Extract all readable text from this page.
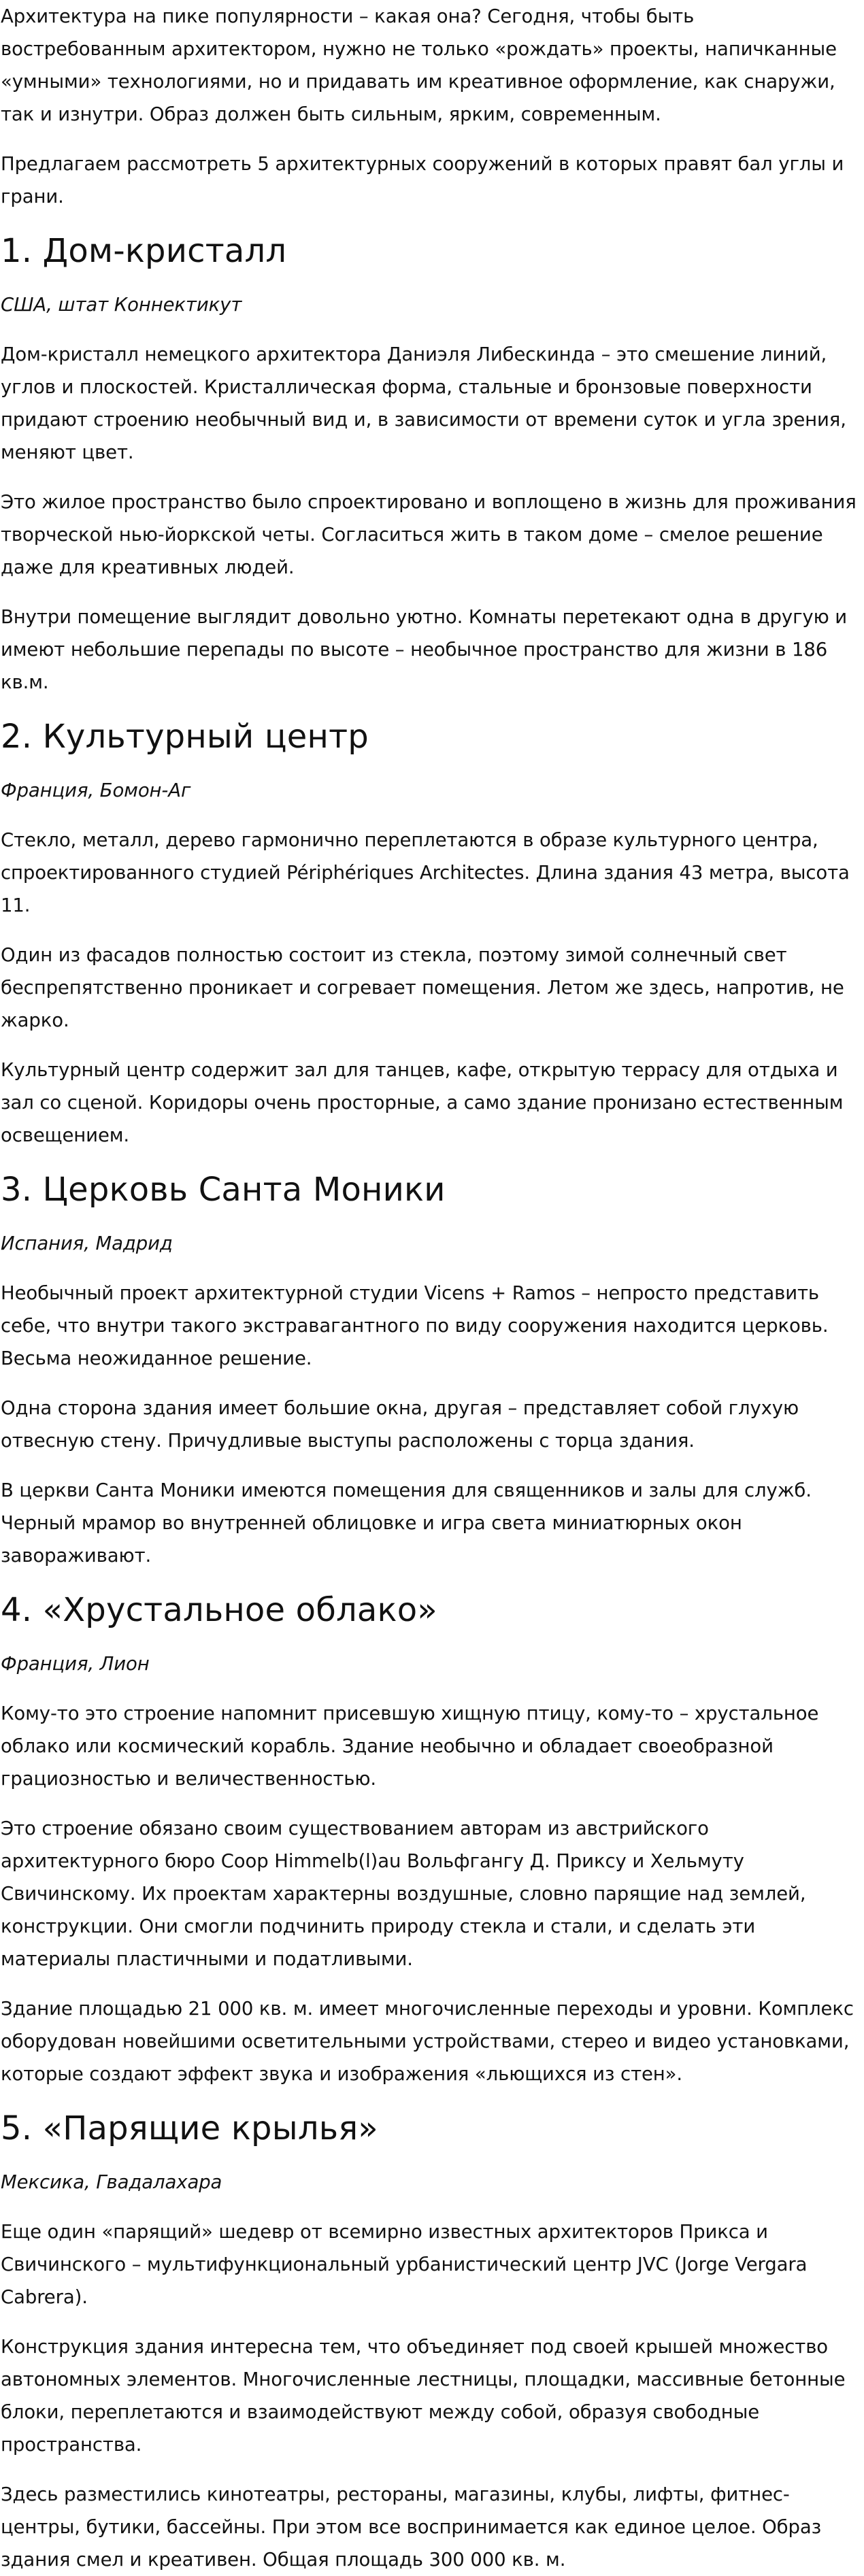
Архитектура на пике популярности – какая она? Сегодня, чтобы быть востребованным архитектором, нужно не только «рождать» проекты, напичканные «умными» технологиями, но и придавать им креативное оформление, как снаружи, так и изнутри. Образ должен быть сильным, ярким, современным.

Предлагаем рассмотреть 5 архитектурных сооружений в которых правят бал углы и грани.

1. Дом-кристалл

США, штат Коннектикут

Дом-кристалл немецкого архитектора Даниэля Либескинда – это смешение линий, углов и плоскостей. Кристаллическая форма, стальные и бронзовые поверхности придают строению необычный вид и, в зависимости от времени суток и угла зрения, меняют цвет.

Это жилое пространство было спроектировано и воплощено в жизнь для проживания творческой нью-йоркской четы. Согласиться жить в таком доме – смелое решение даже для креативных людей.

Внутри помещение выглядит довольно уютно. Комнаты перетекают одна в другую и имеют небольшие перепады по высоте – необычное пространство для жизни в 186 кв.м.

2. Культурный центр

Франция, Бомон-Аг

Стекло, металл, дерево гармонично переплетаются в образе культурного центра, спроектированного студией Périphériques Architectes. Длина здания 43 метра, высота 11.

Один из фасадов полностью состоит из стекла, поэтому зимой солнечный свет беспрепятственно проникает и согревает помещения. Летом же здесь, напротив, не жарко.

Культурный центр содержит зал для танцев, кафе, открытую террасу для отдыха и зал со сценой. Коридоры очень просторные, а само здание пронизано естественным освещением.

3. Церковь Санта Моники

Испания, Мадрид

Необычный проект архитектурной студии Vicens + Ramos – непросто представить себе, что внутри такого экстравагантного по виду сооружения находится церковь. Весьма неожиданное решение.

Одна сторона здания имеет большие окна, другая – представляет собой глухую отвесную стену. Причудливые выступы расположены с торца здания.

В церкви Санта Моники имеются помещения для священников и залы для служб. Черный мрамор во внутренней облицовке и игра света миниатюрных окон завораживают.

4. «Хрустальное облако»

Франция, Лион

Кому-то это строение напомнит присевшую хищную птицу, кому-то – хрустальное облако или космический корабль. Здание необычно и обладает своеобразной грациозностью и величественностью.

Это строение обязано своим существованием авторам из австрийского архитектурного бюро Coop Himmelb(l)au Вольфгангу Д. Приксу и Хельмуту Свичинскому. Их проектам характерны воздушные, словно парящие над землей, конструкции. Они смогли подчинить природу стекла и стали, и сделать эти материалы пластичными и податливыми.

Здание площадью 21 000 кв. м. имеет многочисленные переходы и уровни. Комплекс оборудован новейшими осветительными устройствами, стерео и видео установками, которые создают эффект звука и изображения «льющихся из стен».

5. «Парящие крылья»

Мексика, Гвадалахара

Еще один «парящий» шедевр от всемирно известных архитекторов Прикса и Свичинского – мультифункциональный урбанистический центр JVC (Jorge Vergara Cabrera).

Конструкция здания интересна тем, что объединяет под своей крышей множество автономных элементов. Многочисленные лестницы, площадки, массивные бетонные блоки, переплетаются и взаимодействуют между собой, образуя свободные пространства.

Здесь разместились кинотеатры, рестораны, магазины, клубы, лифты, фитнес-центры, бутики, бассейны. При этом все воспринимается как единое целое. Образ здания смел и креативен. Общая площадь 300 000 кв. м.
